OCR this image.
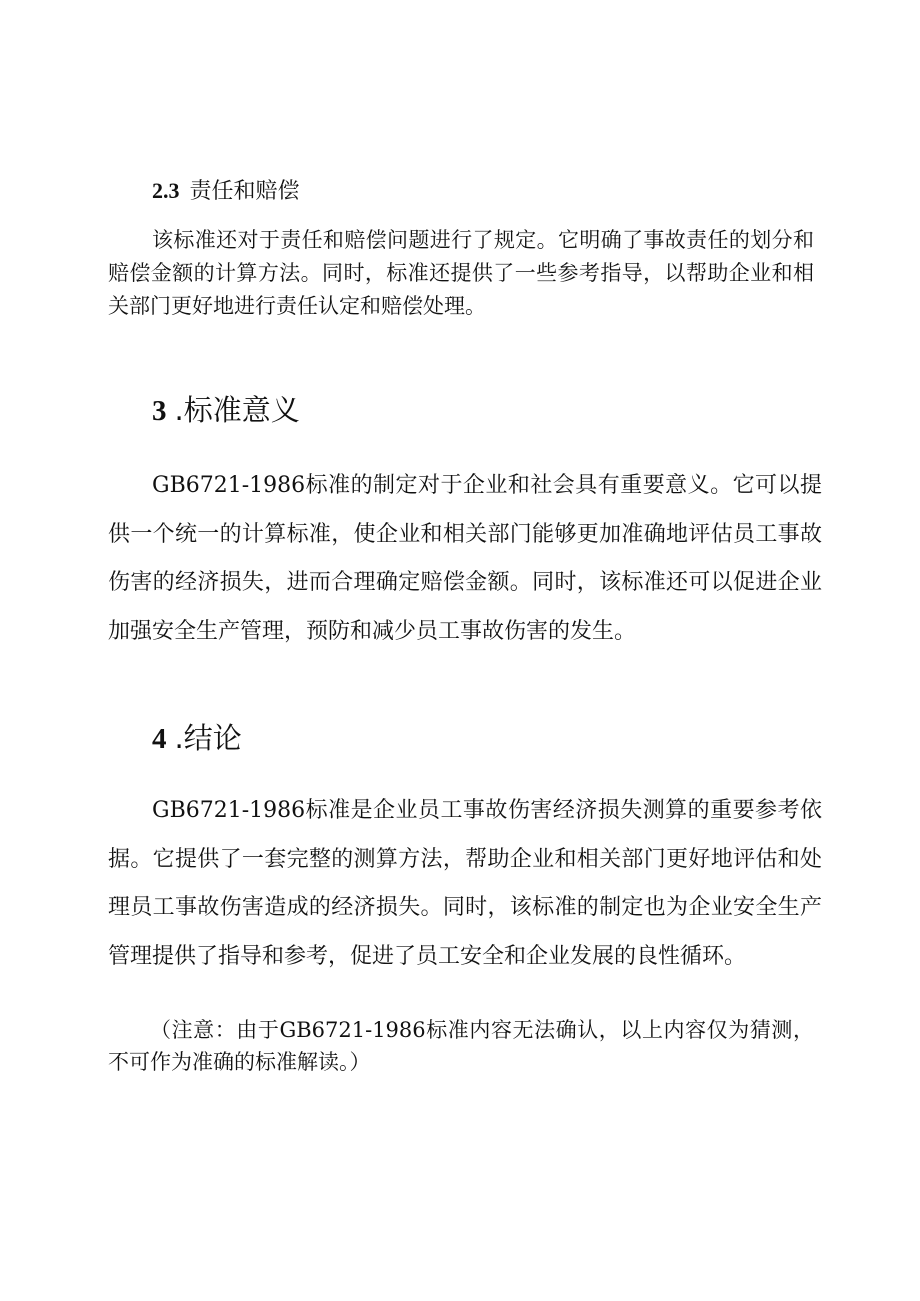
2.3 责任和赔偿

该标准还对于责任和赔偿问题进行了规定。它明确了事故责任的划分和赔偿金额的计算方法。同时，标准还提供了一些参考指导，以帮助企业和相关部门更好地进行责任认定和赔偿处理。

3 .标准意义

GB6721-1986标准的制定对于企业和社会具有重要意义。它可以提供一个统一的计算标准，使企业和相关部门能够更加准确地评估员工事故伤害的经济损失，进而合理确定赔偿金额。同时，该标准还可以促进企业加强安全生产管理，预防和减少员工事故伤害的发生。

4 .结论

GB6721-1986标准是企业员工事故伤害经济损失测算的重要参考依据。它提供了一套完整的测算方法，帮助企业和相关部门更好地评估和处理员工事故伤害造成的经济损失。同时，该标准的制定也为企业安全生产管理提供了指导和参考，促进了员工安全和企业发展的良性循环。

（注意：由于GB6721-1986标准内容无法确认，以上内容仅为猜测，不可作为准确的标准解读。）
